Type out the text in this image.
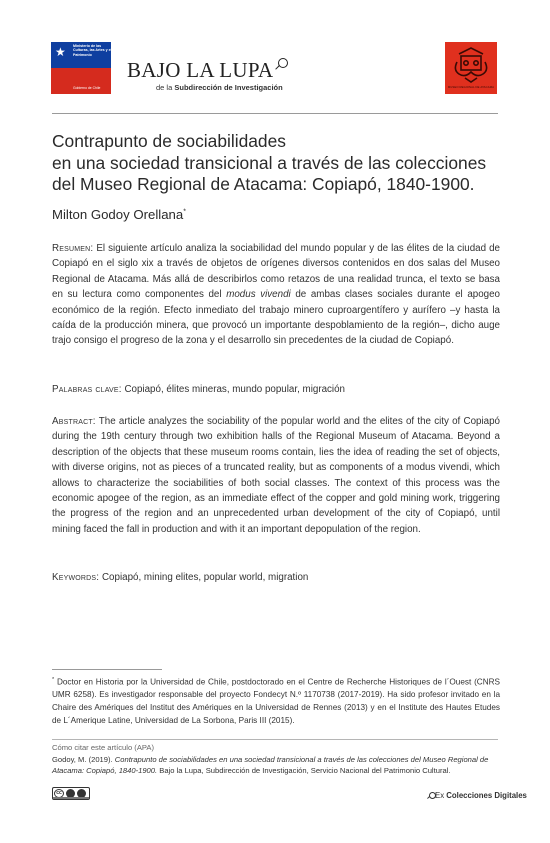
★ Ministerio de las Culturas, las Artes y el Patrimonio
Gobierno de Chile
BAJO LA LUPA
de la Subdirección de Investigación	MUSEO REGIONAL DE ATACAMA
Contrapunto de sociabilidades
en una sociedad transicional a través de las colecciones
del Museo Regional de Atacama: Copiapó, 1840-1900.
Milton Godoy Orellana*
Resumen: El siguiente artículo analiza la sociabilidad del mundo popular y de las élites de la ciudad de Copiapó en el siglo xix a través de objetos de orígenes diversos contenidos en dos salas del Museo Regional de Atacama. Más allá de describirlos como retazos de una realidad trunca, el texto se basa en su lectura como componentes del modus vivendi de ambas clases sociales durante el apogeo económico de la región. Efecto inmediato del trabajo minero cuproargentífero y aurífero –y hasta la caída de la producción minera, que provocó un importante despoblamiento de la región–, dicho auge trajo consigo el progreso de la zona y el desarrollo sin precedentes de la ciudad de Copiapó.
Palabras clave: Copiapó, élites mineras, mundo popular, migración
Abstract: The article analyzes the sociability of the popular world and the elites of the city of Copiapó during the 19th century through two exhibition halls of the Regional Museum of Atacama. Beyond a description of the objects that these museum rooms contain, lies the idea of reading the set of objects, with diverse origins, not as pieces of a truncated reality, but as components of a modus vivendi, which allows to characterize the sociabilities of both social classes. The context of this process was the economic apogee of the region, as an immediate effect of the copper and gold mining work, triggering the progress of the region and an unprecedented urban development of the city of Copiapó, until mining faced the fall in production and with it an important depopulation of the region.
Keywords: Copiapó, mining elites, popular world, migration
* Doctor en Historia por la Universidad de Chile, postdoctorado en el Centre de Recherche Historiques de l´Ouest (CNRS UMR 6258). Es investigador responsable del proyecto Fondecyt N.º 1170738 (2017-2019). Ha sido profesor invitado en la Chaire des Amériques del Institut des Amériques en la Universidad de Rennes (2013) y en el Institute des Hautes Etudes de L´Amerique Latine, Universidad de La Sorbona, Paris III (2015).
Cómo citar este artículo (APA)
Godoy, M. (2019). Contrapunto de sociabilidades en una sociedad transicional a través de las colecciones del Museo Regional de Atacama: Copiapó, 1840-1900. Bajo la Lupa, Subdirección de Investigación, Servicio Nacional del Patrimonio Cultural.
cc	Ex Colecciones Digitales
